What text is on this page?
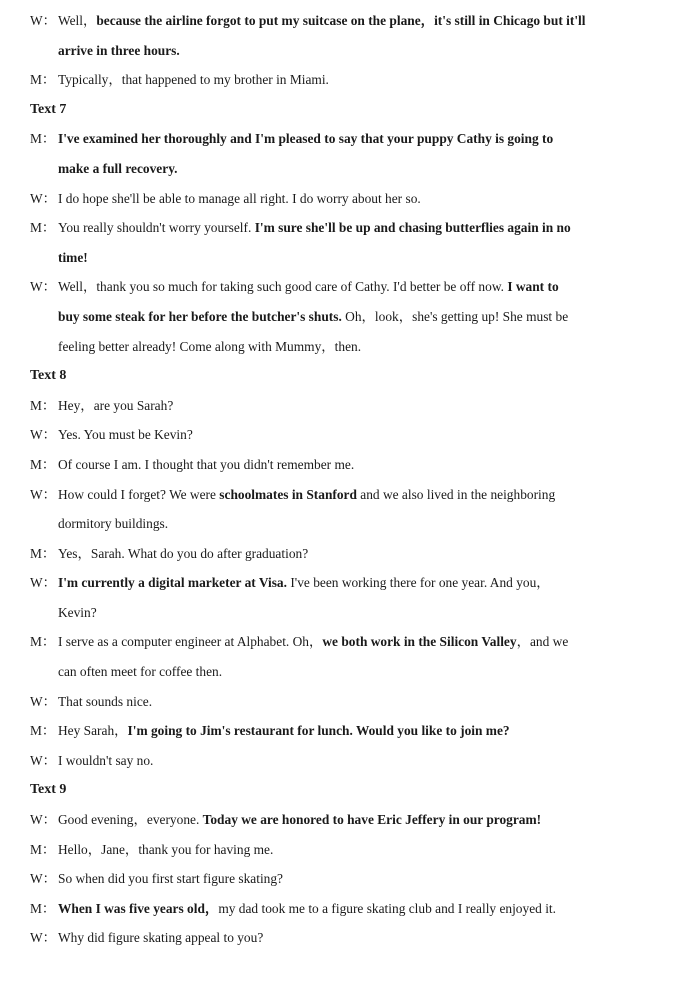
W： Well，because the airline forgot to put my suitcase on the plane，it's still in Chicago but it'll
arrive in three hours.
M： Typically，that happened to my brother in Miami.
Text 7
M： I've examined her thoroughly and I'm pleased to say that your puppy Cathy is going to
make a full recovery.
W： I do hope she'll be able to manage all right. I do worry about her so.
M： You really shouldn't worry yourself. I'm sure she'll be up and chasing butterflies again in no
time!
W： Well，thank you so much for taking such good care of Cathy. I'd better be off now. I want to
buy some steak for her before the butcher's shuts. Oh，look，she's getting up! She must be
feeling better already! Come along with Mummy，then.
Text 8
M： Hey，are you Sarah?
W： Yes. You must be Kevin?
M： Of course I am. I thought that you didn't remember me.
W： How could I forget? We were schoolmates in Stanford and we also lived in the neighboring
dormitory buildings.
M： Yes，Sarah. What do you do after graduation?
W： I'm currently a digital marketer at Visa. I've been working there for one year. And you，
Kevin?
M： I serve as a computer engineer at Alphabet. Oh，we both work in the Silicon Valley，and we
can often meet for coffee then.
W： That sounds nice.
M： Hey Sarah，I'm going to Jim's restaurant for lunch. Would you like to join me?
W： I wouldn't say no.
Text 9
W： Good evening，everyone. Today we are honored to have Eric Jeffery in our program!
M： Hello，Jane，thank you for having me.
W： So when did you first start figure skating?
M： When I was five years old，my dad took me to a figure skating club and I really enjoyed it.
W： Why did figure skating appeal to you?
